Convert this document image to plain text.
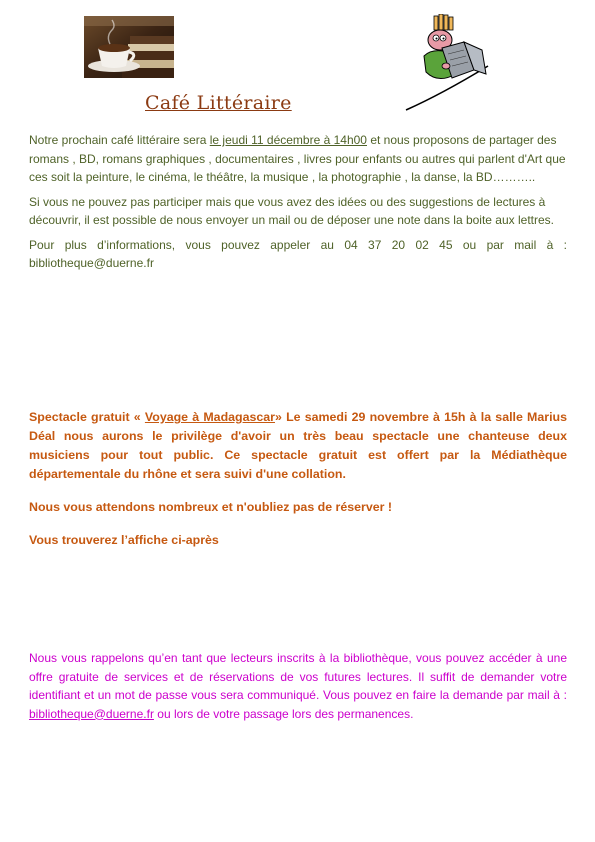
Café Littéraire

Notre prochain café littéraire sera le jeudi 11 décembre à 14h00 et nous proposons de partager des romans , BD, romans graphiques , documentaires , livres pour enfants ou autres qui parlent d'Art que ces soit la peinture, le cinéma, le théâtre, la musique , la photographie , la danse, la BD………..

Si vous ne pouvez pas participer mais que vous avez des idées ou des suggestions de lectures à découvrir, il est possible de nous envoyer un mail ou de déposer une note dans la boite aux lettres.

Pour plus d’informations, vous pouvez appeler au 04 37 20 02 45 ou par mail à :

bibliotheque@duerne.fr

Spectacle gratuit « Voyage à Madagascar» Le samedi 29 novembre à 15h à la salle Marius Déal nous aurons le privilège d'avoir un très beau spectacle une chanteuse deux musiciens pour tout public. Ce spectacle gratuit est offert par la Médiathèque départementale du rhône et sera suivi d'une collation.

Nous vous attendons nombreux et n'oubliez pas de réserver !

Vous trouverez l’affiche ci-après

Nous vous rappelons qu’en tant que lecteurs inscrits à la bibliothèque, vous pouvez accéder à une offre gratuite de services et de réservations de vos futures lectures. Il suffit de demander votre identifiant et un mot de passe vous sera communiqué. Vous pouvez en faire la demande par mail à : bibliotheque@duerne.fr ou lors de votre passage lors des permanences.
